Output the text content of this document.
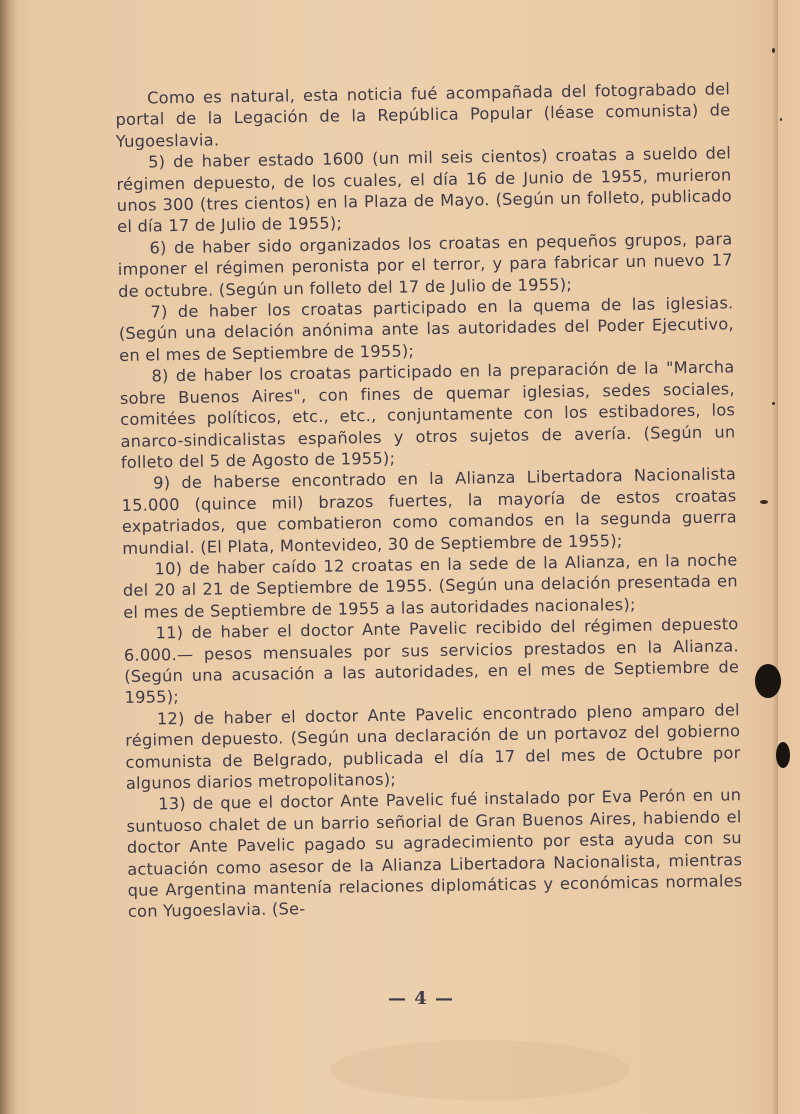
Como es natural, esta noticia fué acompañada del fotograbado del portal de la Legación de la República Popular (léase comunista) de Yugoeslavia.

5) de haber estado 1600 (un mil seis cientos) croatas a sueldo del régimen depuesto, de los cuales, el día 16 de Junio de 1955, murieron unos 300 (tres cientos) en la Plaza de Mayo. (Según un folleto, publicado el día 17 de Julio de 1955);

6) de haber sido organizados los croatas en pequeños grupos, para imponer el régimen peronista por el terror, y para fabricar un nuevo 17 de octubre. (Según un folleto del 17 de Julio de 1955);

7) de haber los croatas participado en la quema de las iglesias. (Según una delación anónima ante las autoridades del Poder Ejecutivo, en el mes de Septiembre de 1955);

8) de haber los croatas participado en la preparación de la "Marcha sobre Buenos Aires", con fines de quemar iglesias, sedes sociales, comitées políticos, etc., etc., conjuntamente con los estibadores, los anarco-sindicalistas españoles y otros sujetos de avería. (Según un folleto del 5 de Agosto de 1955);

9) de haberse encontrado en la Alianza Libertadora Nacionalista 15.000 (quince mil) brazos fuertes, la mayoría de estos croatas expatriados, que combatieron como comandos en la segunda guerra mundial. (El Plata, Montevideo, 30 de Septiembre de 1955);

10) de haber caído 12 croatas en la sede de la Alianza, en la noche del 20 al 21 de Septiembre de 1955. (Según una delación presentada en el mes de Septiembre de 1955 a las autoridades nacionales);

11) de haber el doctor Ante Pavelic recibido del régimen depuesto 6.000.— pesos mensuales por sus servicios prestados en la Alianza. (Según una acusación a las autoridades, en el mes de Septiembre de 1955);

12) de haber el doctor Ante Pavelic encontrado pleno amparo del régimen depuesto. (Según una declaración de un portavoz del gobierno comunista de Belgrado, publicada el día 17 del mes de Octubre por algunos diarios metropolitanos);

13) de que el doctor Ante Pavelic fué instalado por Eva Perón en un suntuoso chalet de un barrio señorial de Gran Buenos Aires, habiendo el doctor Ante Pavelic pagado su agradecimiento por esta ayuda con su actuación como asesor de la Alianza Libertadora Nacionalista, mientras que Argentina mantenía relaciones diplomáticas y económicas normales con Yugoeslavia. (Se-

— 4 —
